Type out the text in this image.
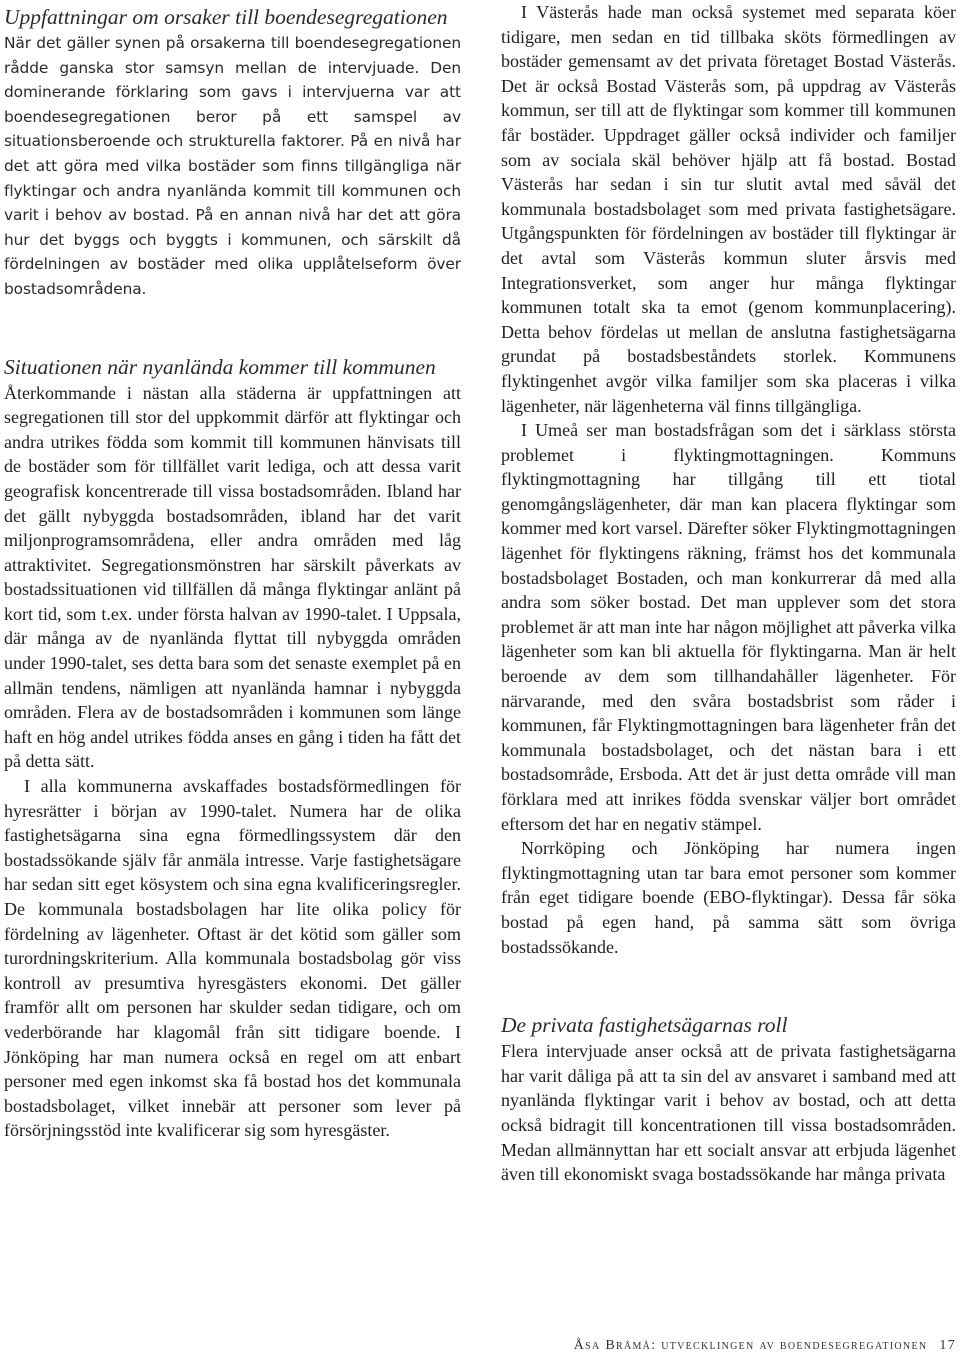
Uppfattningar om orsaker till boendesegregationen

När det gäller synen på orsakerna till boendesegregationen rådde ganska stor samsyn mellan de intervjuade. Den dominerande förklaring som gavs i intervjuerna var att boendesegregationen beror på ett samspel av situationsberoende och strukturella faktorer. På en nivå har det att göra med vilka bostäder som finns tillgängliga när flyktingar och andra nyanlända kommit till kommunen och varit i behov av bostad. På en annan nivå har det att göra hur det byggs och byggts i kommunen, och särskilt då fördelningen av bostäder med olika upplåtelseform över bostadsområdena.

Situationen när nyanlända kommer till kommunen

Återkommande i nästan alla städerna är uppfattningen att segregationen till stor del uppkommit därför att flyktingar och andra utrikes födda som kommit till kommunen hänvisats till de bostäder som för tillfället varit lediga, och att dessa varit geografisk koncentrerade till vissa bostadsområden. Ibland har det gällt nybyggda bostadsområden, ibland har det varit miljonprogramsområdena, eller andra områden med låg attraktivitet. Segregationsmönstren har särskilt påverkats av bostadssituationen vid tillfällen då många flyktingar anlänt på kort tid, som t.ex. under första halvan av 1990-talet. I Uppsala, där många av de nyanlända flyttat till nybyggda områden under 1990-talet, ses detta bara som det senaste exemplet på en allmän tendens, nämligen att nyanlända hamnar i nybyggda områden. Flera av de bostadsområden i kommunen som länge haft en hög andel utrikes födda anses en gång i tiden ha fått det på detta sätt.

I alla kommunerna avskaffades bostadsförmedlingen för hyresrätter i början av 1990-talet. Numera har de olika fastighetsägarna sina egna förmedlingssystem där den bostadssökande själv får anmäla intresse. Varje fastighetsägare har sedan sitt eget kösystem och sina egna kvalificeringsregler. De kommunala bostadsbolagen har lite olika policy för fördelning av lägenheter. Oftast är det kötid som gäller som turordningskriterium. Alla kommunala bostadsbolag gör viss kontroll av presumtiva hyresgästers ekonomi. Det gäller framför allt om personen har skulder sedan tidigare, och om vederbörande har klagomål från sitt tidigare boende. I Jönköping har man numera också en regel om att enbart personer med egen inkomst ska få bostad hos det kommunala bostadsbolaget, vilket innebär att personer som lever på försörjningsstöd inte kvalificerar sig som hyresgäster.

I Västerås hade man också systemet med separata köer tidigare, men sedan en tid tillbaka sköts förmedlingen av bostäder gemensamt av det privata företaget Bostad Västerås. Det är också Bostad Västerås som, på uppdrag av Västerås kommun, ser till att de flyktingar som kommer till kommunen får bostäder. Uppdraget gäller också individer och familjer som av sociala skäl behöver hjälp att få bostad. Bostad Västerås har sedan i sin tur slutit avtal med såväl det kommunala bostadsbolaget som med privata fastighetsägare. Utgångspunkten för fördelningen av bostäder till flyktingar är det avtal som Västerås kommun sluter årsvis med Integrationsverket, som anger hur många flyktingar kommunen totalt ska ta emot (genom kommunplacering). Detta behov fördelas ut mellan de anslutna fastighetsägarna grundat på bostadsbeståndets storlek. Kommunens flyktingenhet avgör vilka familjer som ska placeras i vilka lägenheter, när lägenheterna väl finns tillgängliga.

I Umeå ser man bostadsfrågan som det i särklass största problemet i flyktingmottagningen. Kommuns flyktingmottagning har tillgång till ett tiotal genomgångslägenheter, där man kan placera flyktingar som kommer med kort varsel. Därefter söker Flyktingmottagningen lägenhet för flyktingens räkning, främst hos det kommunala bostadsbolaget Bostaden, och man konkurrerar då med alla andra som söker bostad. Det man upplever som det stora problemet är att man inte har någon möjlighet att påverka vilka lägenheter som kan bli aktuella för flyktingarna. Man är helt beroende av dem som tillhandahåller lägenheter. För närvarande, med den svåra bostadsbrist som råder i kommunen, får Flyktingmottagningen bara lägenheter från det kommunala bostadsbolaget, och det nästan bara i ett bostadsområde, Ersboda. Att det är just detta område vill man förklara med att inrikes födda svenskar väljer bort området eftersom det har en negativ stämpel.

Norrköping och Jönköping har numera ingen flyktingmottagning utan tar bara emot personer som kommer från eget tidigare boende (EBO-flyktingar). Dessa får söka bostad på egen hand, på samma sätt som övriga bostadssökande.

De privata fastighetsägarnas roll

Flera intervjuade anser också att de privata fastighetsägarna har varit dåliga på att ta sin del av ansvaret i samband med att nyanlända flyktingar varit i behov av bostad, och att detta också bidragit till koncentrationen till vissa bostadsområden. Medan allmännyttan har ett socialt ansvar att erbjuda lägenhet även till ekonomiskt svaga bostadssökande har många privata

Åsa Bråmå: utvecklingen av boendesegregationen 17
